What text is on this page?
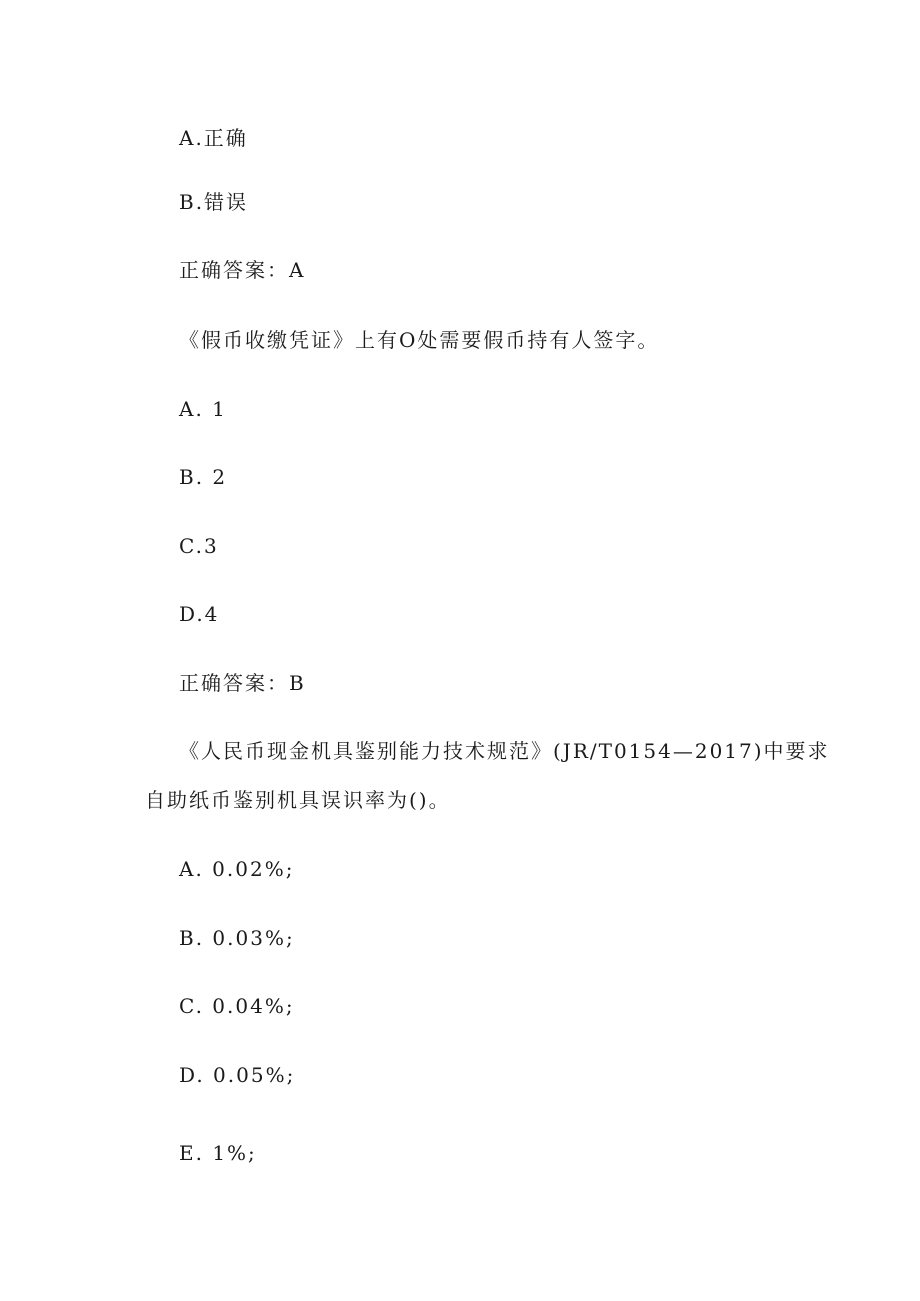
A.正确
B.错误
正确答案：A
《假币收缴凭证》上有O处需要假币持有人签字。
A. 1
B. 2
C.3
D.4
正确答案：B
《人民币现金机具鉴别能力技术规范》(JR/T0154—2017)中要求
自助纸币鉴别机具误识率为()。
A. 0.02%;
B. 0.03%;
C. 0.04%;
D. 0.05%;
E. 1%;
